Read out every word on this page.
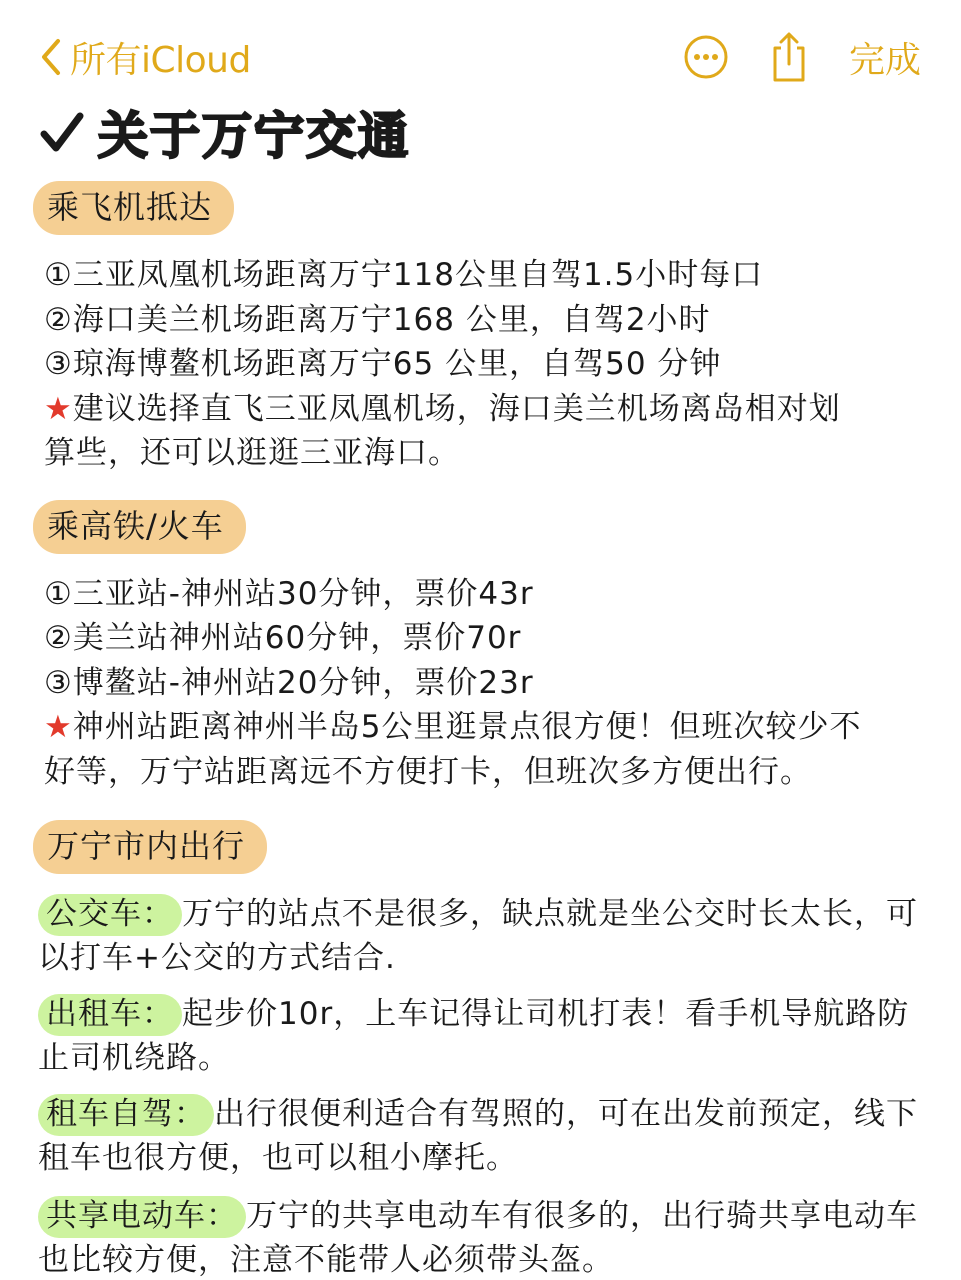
所有iCloud	完成
关于万宁交通
乘飞机抵达
①三亚凤凰机场距离万宁118公里自驾1.5小时每口
②海口美兰机场距离万宁168 公里，自驾2小时
③琼海博鳌机场距离万宁65 公里，自驾50 分钟
★建议选择直飞三亚凤凰机场，海口美兰机场离岛相对划
算些，还可以逛逛三亚海口。
乘高铁/火车
①三亚站-神州站30分钟，票价43r
②美兰站神州站60分钟，票价70r
③博鳌站-神州站20分钟，票价23r
★神州站距离神州半岛5公里逛景点很方便！但班次较少不
好等，万宁站距离远不方便打卡，但班次多方便出行。
万宁市内出行
公交车： 万宁的站点不是很多，缺点就是坐公交时长太长，可以打车+公交的方式结合.
出租车： 起步价10r，上车记得让司机打表！看手机导航路防止司机绕路。
租车自驾： 出行很便利适合有驾照的，可在出发前预定，线下租车也很方便，也可以租小摩托。
共享电动车： 万宁的共享电动车有很多的，出行骑共享电动车也比较方便，注意不能带人必须带头盔。
